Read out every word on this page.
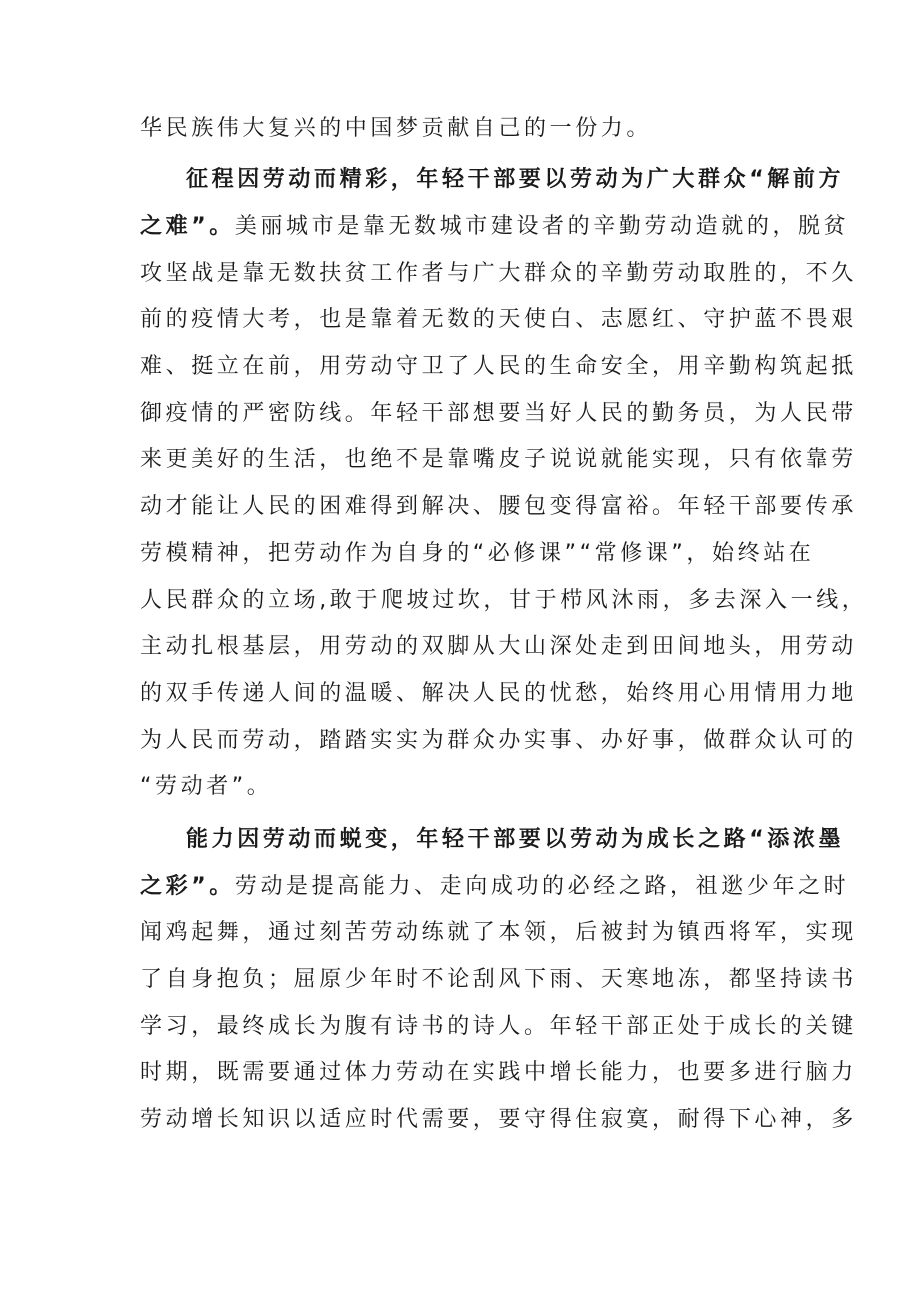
华民族伟大复兴的中国梦贡献自己的一份力。
征程因劳动而精彩，年轻干部要以劳动为广大群众“解前方
之难”。美丽城市是靠无数城市建设者的辛勤劳动造就的，脱贫
攻坚战是靠无数扶贫工作者与广大群众的辛勤劳动取胜的，不久
前的疫情大考，也是靠着无数的天使白、志愿红、守护蓝不畏艰
难、挺立在前，用劳动守卫了人民的生命安全，用辛勤构筑起抵
御疫情的严密防线。年轻干部想要当好人民的勤务员，为人民带
来更美好的生活，也绝不是靠嘴皮子说说就能实现，只有依靠劳
动才能让人民的困难得到解决、腰包变得富裕。年轻干部要传承
劳模精神，把劳动作为自身的“必修课”“常修课”，始终站在
人民群众的立场,敢于爬坡过坎，甘于栉风沐雨，多去深入一线，
主动扎根基层，用劳动的双脚从大山深处走到田间地头，用劳动
的双手传递人间的温暖、解决人民的忧愁，始终用心用情用力地
为人民而劳动，踏踏实实为群众办实事、办好事，做群众认可的
“劳动者”。
能力因劳动而蜕变，年轻干部要以劳动为成长之路“添浓墨
之彩”。劳动是提高能力、走向成功的必经之路，祖逖少年之时
闻鸡起舞，通过刻苦劳动练就了本领，后被封为镇西将军，实现
了自身抱负；屈原少年时不论刮风下雨、天寒地冻，都坚持读书
学习，最终成长为腹有诗书的诗人。年轻干部正处于成长的关键
时期，既需要通过体力劳动在实践中增长能力，也要多进行脑力
劳动增长知识以适应时代需要，要守得住寂寞，耐得下心神，多
